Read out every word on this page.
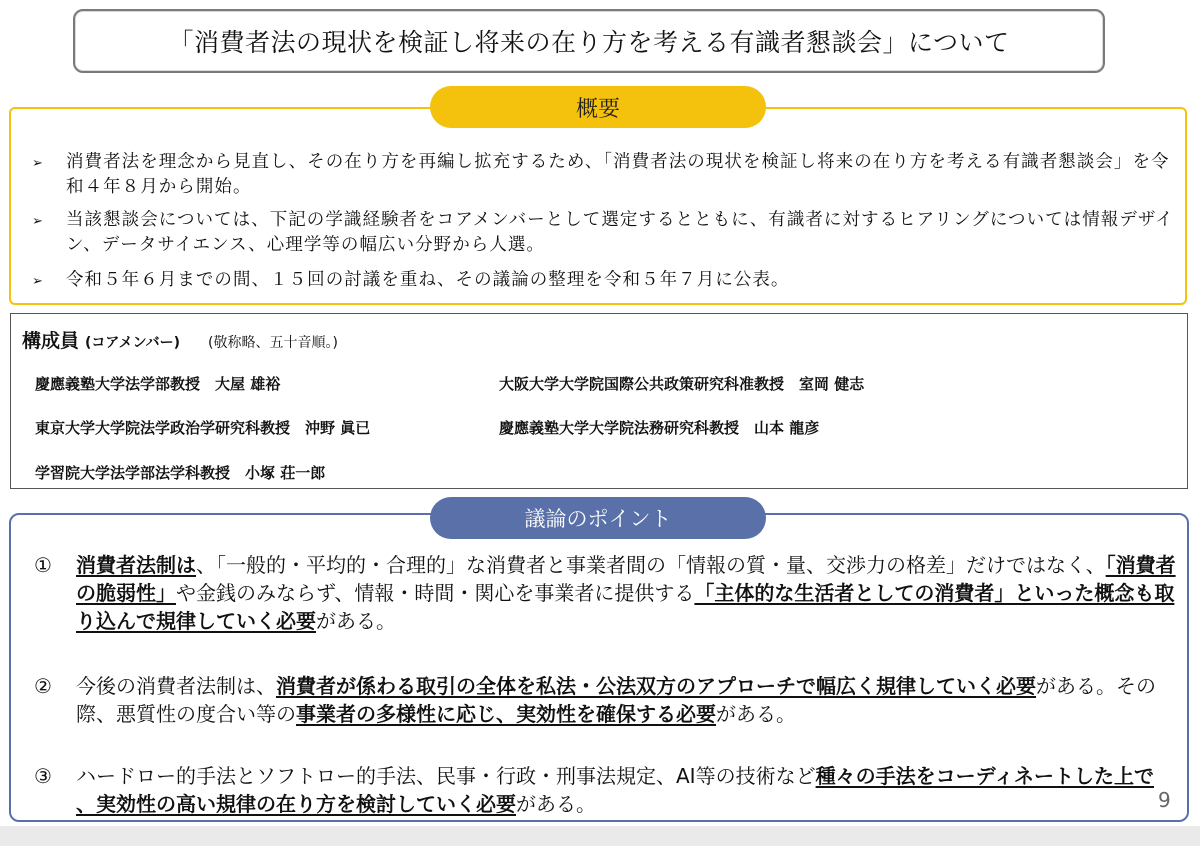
「消費者法の現状を検証し将来の在り方を考える有識者懇談会」について
概要
➢	消費者法を理念から見直し、その在り方を再編し拡充するため、「消費者法の現状を検証し将来の在り方を考える有識者懇談会」を令和４年８月から開始。
➢	当該懇談会については、下記の学識経験者をコアメンバーとして選定するとともに、有識者に対するヒアリングについては情報デザイン、データサイエンス、心理学等の幅広い分野から人選。
➢	令和５年６月までの間、１５回の討議を重ね、その議論の整理を令和５年７月に公表。
構成員 (コアメンバー) (敬称略、五十音順。)
慶應義塾大学法学部教授　大屋 雄裕	大阪大学大学院国際公共政策研究科准教授　室岡 健志
東京大学大学院法学政治学研究科教授　沖野 眞已	慶應義塾大学大学院法務研究科教授　山本 龍彦
学習院大学法学部法学科教授　小塚 荘一郎
議論のポイント
①	消費者法制は、「一般的・平均的・合理的」な消費者と事業者間の「情報の質・量、交渉力の格差」だけではなく、「消費者の脆弱性」や金銭のみならず、情報・時間・関心を事業者に提供する「主体的な生活者としての消費者」といった概念も取り込んで規律していく必要がある。
②	今後の消費者法制は、消費者が係わる取引の全体を私法・公法双方のアプローチで幅広く規律していく必要がある。その際、悪質性の度合い等の事業者の多様性に応じ、実効性を確保する必要がある。
③	ハードロー的手法とソフトロー的手法、民事・行政・刑事法規定、AI等の技術など種々の手法をコーディネートした上で 、実効性の高い規律の在り方を検討していく必要がある。	9
